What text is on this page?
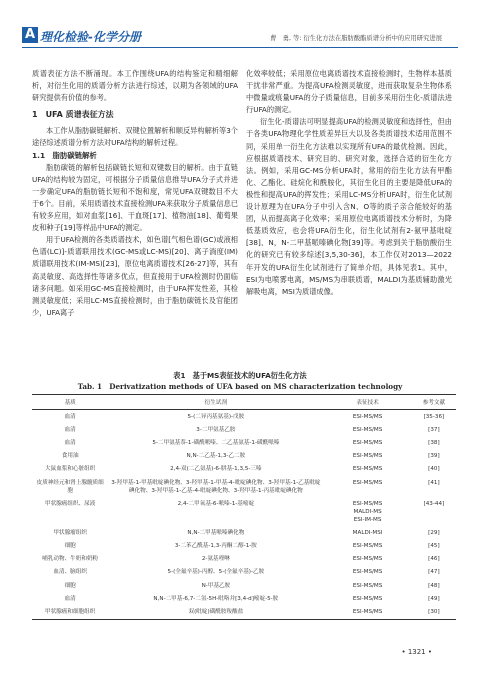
A 理化检验-化学分册	曹　勇, 等: 衍生化方法在脂肪酸酯质谱分析中的应用研究进展

质谱表征方法不断涌现。本工作围绕UFA的结构鉴定和精细解析，对衍生化用的质谱分析方法进行综述，以期为各领域的UFA研究提供有价值的参考。

1　UFA 质谱表征方法

本工作从脂肪碳链解析、双键位置解析和顺反异构解析等3个途径综述质谱分析方法对UFA结构的解析过程。

1.1　脂肪碳链解析

脂肪碳链的解析包括碳链长短和双键数目的解析。由于直链UFA的结构较为固定，可根据分子质量信息推导UFA分子式并进一步确定UFA的脂肪链长短和不饱和度，常见UFA双键数目不大于6个。目前，采用质谱技术直接检测UFA来获取分子质量信息已有较多应用，如对血浆[16]、干血斑[17]、植物油[18]、葡萄果皮和种子[19]等样品中UFA的测定。

用于UFA检测的各类质谱技术，如色谱[气相色谱(GC)或液相色谱(LC)]-质谱联用技术(GC-MS或LC-MS)[20]、离子淌度(IM)质谱联用技术(IM-MS)[23]，原位电离质谱技术[26-27]等，其有高灵敏度、高选择性等诸多优点，但直接用于UFA检测时仍面临诸多问题。如采用GC-MS直接检测时，由于UFA挥发性差，其检测灵敏度低；采用LC-MS直接检测时，由于脂肪碳链长及官能团少，UFA离子

化效率较低；采用原位电离质谱技术直接检测时，生物样本基质干扰非常严重。为提高UFA检测灵敏度，进而获取复杂生物体系中微量或痕量UFA的分子质量信息，目前多采用衍生化-质谱法进行UFA的测定。

衍生化-质谱法可明显提高UFA的检测灵敏度和选择性，但由于各类UFA物理化学性质差异巨大以及各类质谱技术适用范围不同，采用单一衍生化方法难以实现所有UFA的最优检测。因此，应根据质谱技术、研究目的、研究对象，选择合适的衍生化方法。例如，采用GC-MS分析UFA时，常用的衍生化方法有甲酯化、乙酯化、硅烷化和酰胺化，其衍生化目的主要是降低UFA的极性和提高UFA的挥发性；采用LC-MS分析UFA时，衍生化试剂设计原理为在UFA分子中引入含N、O等的质子亲合能较好的基团，从而提高离子化效率；采用原位电离质谱技术分析时，为降低基质效应，也会将UFA衍生化，衍生化试剂有2-氨甲基吡啶[38]、N，N-二甲基哌嗪碘化物[39]等。考虑到关于脂肪酸衍生化的研究已有较多综述[3,5,30-36]，本工作仅对2013—2022年开发的UFA衍生化试剂进行了简单介绍，具体见表1。其中，ESI为电喷雾电离，MS/MS为串联质谱，MALDI为基质辅助激光解吸电离，MSI为质谱成像。

表1　基于MS表征技术的UFA衍生化方法
Tab. 1　Derivatization methods of UFA based on MS characterization technology
基质	衍生试剂	表征技术	参考文献
血清	5-(二异丙基氨基)-戊胺	ESI-MS/MS	[35-36]
血清	3-二甲氨基乙胺	ESI-MS/MS	[37]
血清	5-二甲氨基萘-1-磺酰哌嗪、二乙基氨基-1-磺酰哌嗪	ESI-MS/MS	[38]
食用油	N,N-二乙基-1,3-乙二胺	ESI-MS/MS	[39]
大鼠血浆和心脏组织	2,4-双(二乙氨基)-6-肼基-1,3,5-三嗪	ESI-MS/MS	[40]
皮质神经元和肾上腺髓质细胞	3-羟甲基-1-甲基吡啶碘化物、3-羟甲基-1-甲基-4-吡啶碘化物、3-羟甲基-1-乙基吡啶碘化物、3-羟甲基-1-乙基-4-吡啶碘化物、3-羟甲基-1-丙基吡啶碘化物	ESI-MS/MS	[41]
甲状腺癌组织、尿液	2,4-二甲氧基-6-哌嗪-1-基嘧啶	ESI-MS/MS
MALDI-MS
ESI-IM-MS	[43-44]
甲状腺瘤组织	N,N-二甲基哌嗪碘化物	MALDI-MSI	[29]
细胞	3-二苯乙酰基-1,3-丙酮二醇-1-胺	ESI-MS/MS	[45]
哺乳动物、牛奶和奶粉	2-氨基喹啉	ESI-MS/MS	[46]
血清、脑组织	5-(全氟辛基)-丙醇、5-(全氟辛基)-乙胺	ESI-MS/MS	[47]
细胞	N-甲基乙胺	ESI-MS/MS	[48]
血清	N,N-二甲基-6,7-二氢-5H-吡咯并[3,4-d]嘧啶-5-胺	ESI-MS/MS	[49]
甲状腺癌和细胞组织	双(吡啶)磺酰胺羧酸盐	ESI-MS/MS	[30]
• 1321 •
